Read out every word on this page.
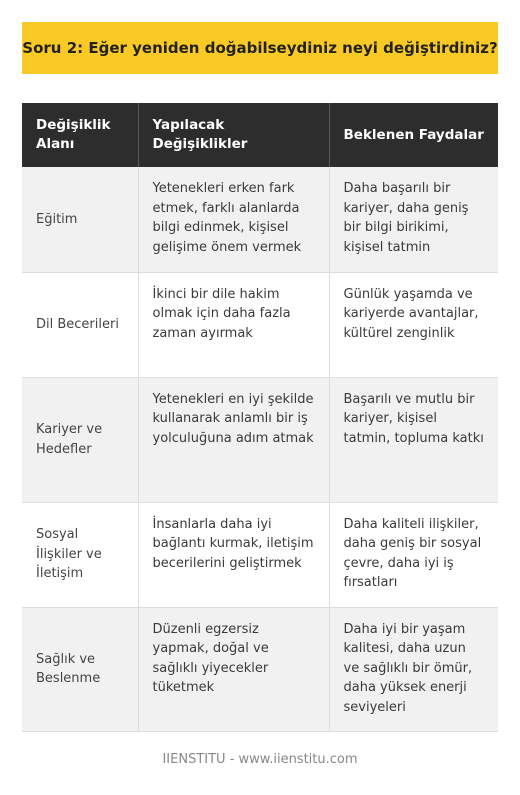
Soru 2: Eğer yeniden doğabilseydiniz neyi değiştirdiniz?
Değişiklik Alanı	Yapılacak Değişiklikler	Beklenen Faydalar
Eğitim	Yetenekleri erken fark etmek, farklı alanlarda bilgi edinmek, kişisel gelişime önem vermek	Daha başarılı bir kariyer, daha geniş bir bilgi birikimi, kişisel tatmin
Dil Becerileri	İkinci bir dile hakim olmak için daha fazla zaman ayırmak	Günlük yaşamda ve kariyerde avantajlar, kültürel zenginlik
Kariyer ve Hedefler	Yetenekleri en iyi şekilde kullanarak anlamlı bir iş yolculuğuna adım atmak	Başarılı ve mutlu bir kariyer, kişisel tatmin, topluma katkı
Sosyal İlişkiler ve İletişim	İnsanlarla daha iyi bağlantı kurmak, iletişim becerilerini geliştirmek	Daha kaliteli ilişkiler, daha geniş bir sosyal çevre, daha iyi iş fırsatları
Sağlık ve Beslenme	Düzenli egzersiz yapmak, doğal ve sağlıklı yiyecekler tüketmek	Daha iyi bir yaşam kalitesi, daha uzun ve sağlıklı bir ömür, daha yüksek enerji seviyeleri
IIENSTITU - www.iienstitu.com
